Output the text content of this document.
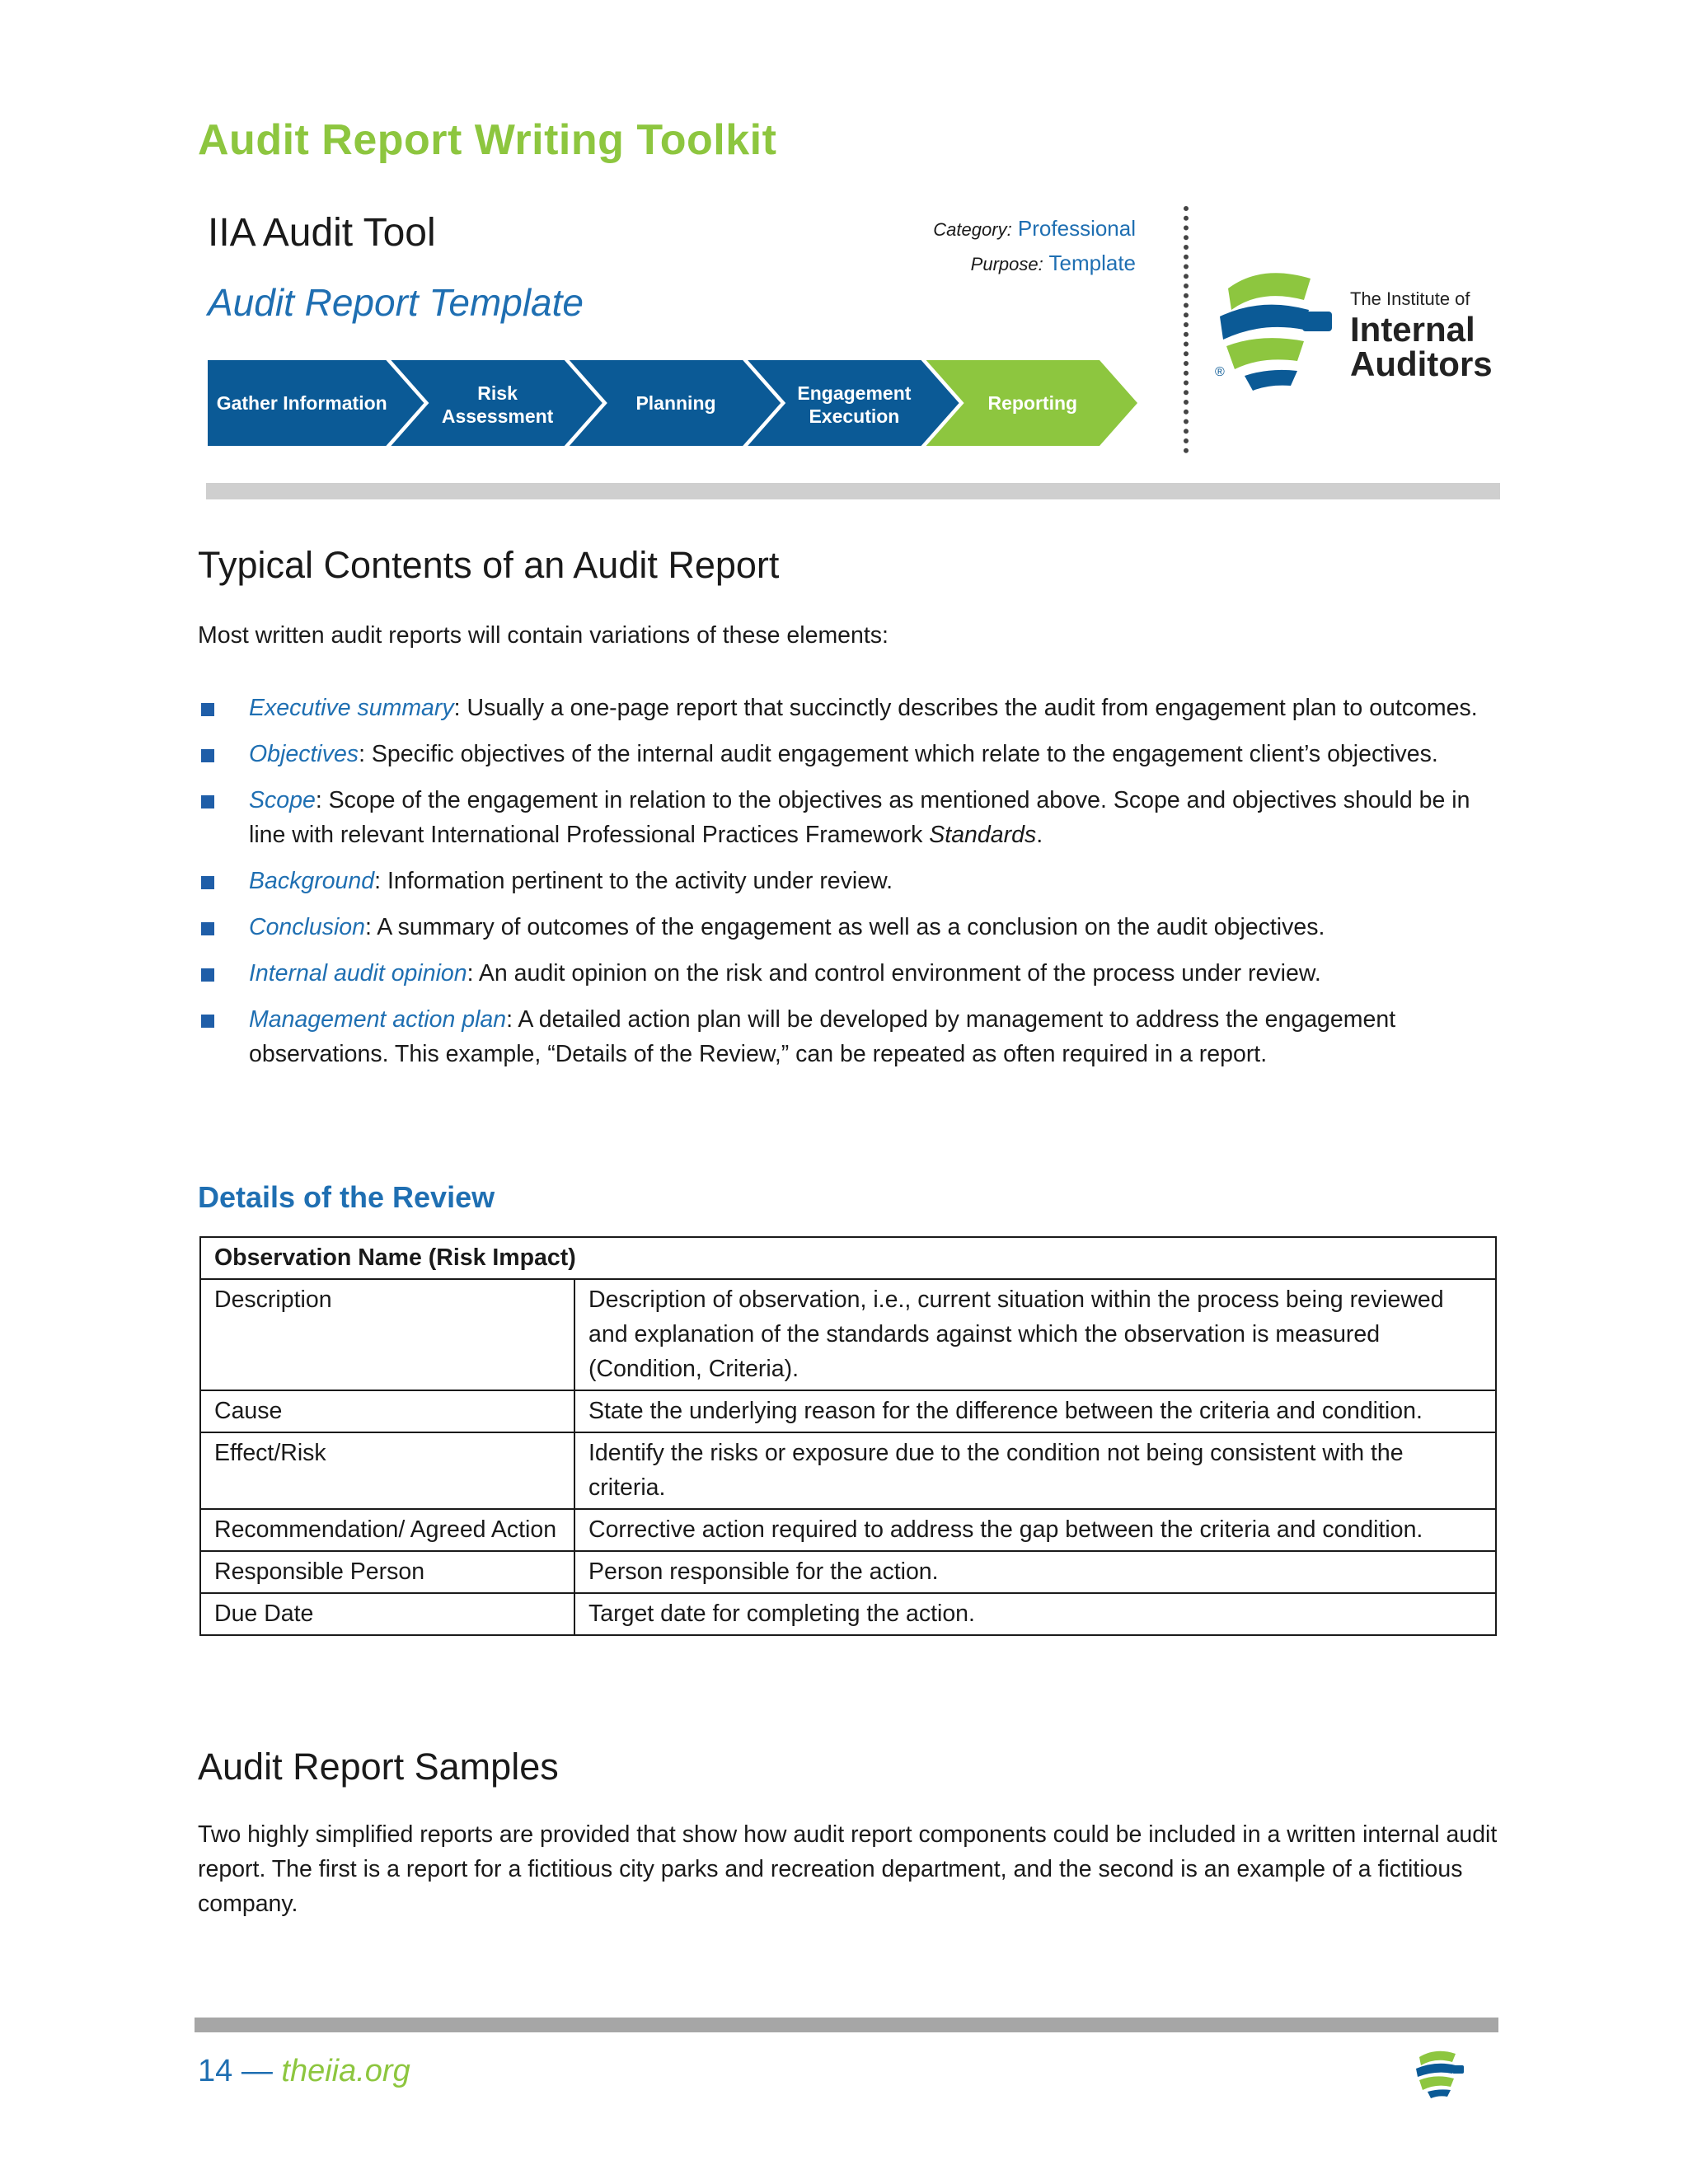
Audit Report Writing Toolkit
IIA Audit Tool
Audit Report Template
Category: Professional
Purpose: Template
Gather Information	Risk
Assessment
Planning	Engagement
Execution
Reporting
®
The Institute of
Internal
Auditors
Typical Contents of an Audit Report
Most written audit reports will contain variations of these elements:
Executive summary: Usually a one-page report that succinctly describes the audit from engagement plan to outcomes.
Objectives: Specific objectives of the internal audit engagement which relate to the engagement client’s objectives.
Scope: Scope of the engagement in relation to the objectives as mentioned above. Scope and objectives should be in line with relevant International Professional Practices Framework Standards.
Background: Information pertinent to the activity under review.
Conclusion: A summary of outcomes of the engagement as well as a conclusion on the audit objectives.
Internal audit opinion: An audit opinion on the risk and control environment of the process under review.
Management action plan: A detailed action plan will be developed by management to address the engagement observations. This example, “Details of the Review,” can be repeated as often required in a report.
Details of the Review
Observation Name (Risk Impact)	
Description	Description of observation, i.e., current situation within the process being reviewed and explanation of the standards against which the observation is measured (Condition, Criteria).
Cause	State the underlying reason for the difference between the criteria and condition.
Effect/Risk	Identify the risks or exposure due to the condition not being consistent with the criteria.
Recommendation/ Agreed Action	Corrective action required to address the gap between the criteria and condition.
Responsible Person	Person responsible for the action.
Due Date	Target date for completing the action.
Audit Report Samples
Two highly simplified reports are provided that show how audit report components could be included in a written internal audit report. The first is a report for a fictitious city parks and recreation department, and the second is an example of a fictitious company.
14 — theiia.org
